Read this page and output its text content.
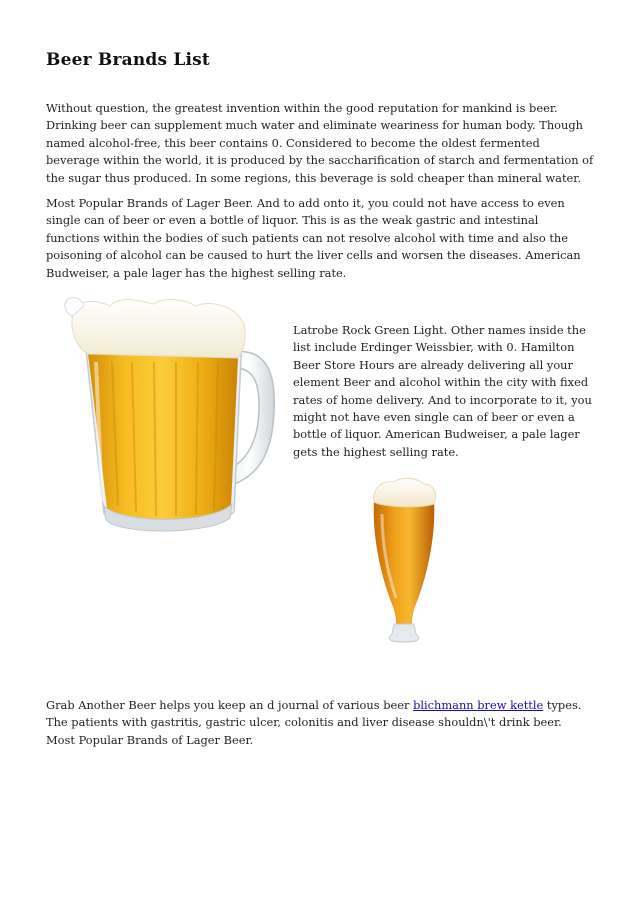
Beer Brands List

Without question, the greatest invention within the good reputation for mankind is beer. Drinking beer can supplement much water and eliminate weariness for human body. Though named alcohol-free, this beer contains 0. Considered to become the oldest fermented beverage within the world, it is produced by the saccharification of starch and fermentation of the sugar thus produced. In some regions, this beverage is sold cheaper than mineral water.

Most Popular Brands of Lager Beer. And to add onto it, you could not have access to even single can of beer or even a bottle of liquor. This is as the weak gastric and intestinal functions within the bodies of such patients can not resolve alcohol with time and also the poisoning of alcohol can be caused to hurt the liver cells and worsen the diseases. American Budweiser, a pale lager has the highest selling rate.

Latrobe Rock Green Light. Other names inside the list include Erdinger Weissbier, with 0. Hamilton Beer Store Hours are already delivering all your element Beer and alcohol within the city with fixed rates of home delivery. And to incorporate to it, you might not have even single can of beer or even a bottle of liquor. American Budweiser, a pale lager gets the highest selling rate.

Grab Another Beer helps you keep an d journal of various beer blichmann brew kettle types. The patients with gastritis, gastric ulcer, colonitis and liver disease shouldn\'t drink beer. Most Popular Brands of Lager Beer.
